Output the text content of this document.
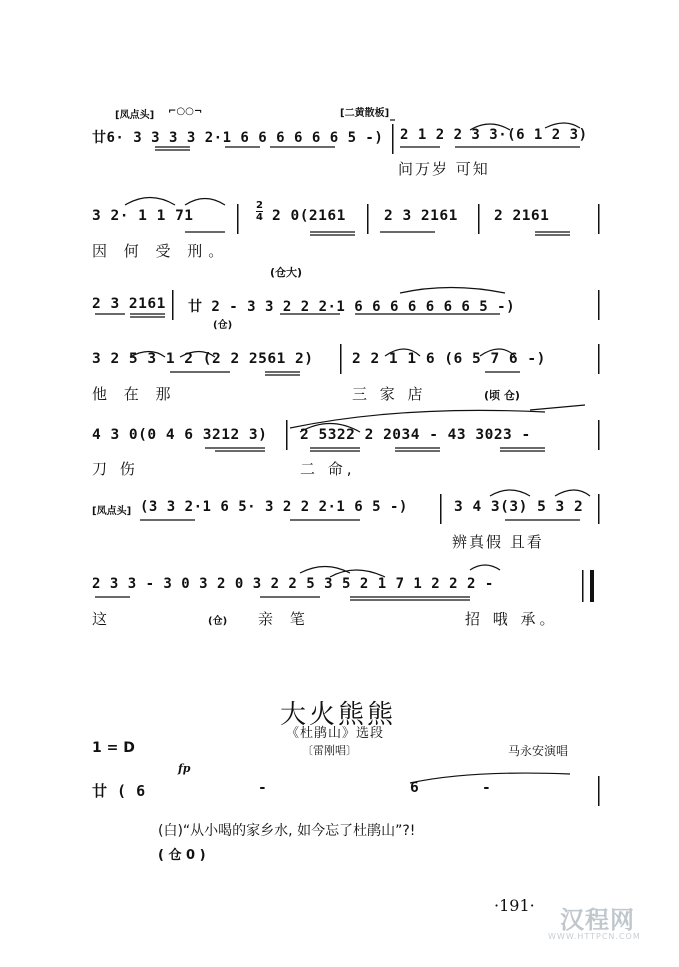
[凤点头] ⌐○○¬	[二黄散板]
廿6· 3 3 3 3 2·1 6 6 6 6 6 6 5 -) 2 1 2 2 3 3·(6 1 2 3)
问万岁 可知
3 2· 1 1 71
2
4 2 0(2161	2 3 2161 2 2161
因 何 受 刑。
(仓大)
2 3 2161 廿 2 - 3 3 2 2 2·1 6 6 6 6 6 6 6 5 -)
(仓)
3 2 5 3 1 2 (2 2 2561 2)	2 2 1 1 6 (6 5 7 6 -)
他 在 那	三 家 店	(顷 仓)
4 3 0(0 4 6 3212 3) 2 5322 2 2034 - 43 3023 -
刀 伤	二 命,
[凤点头] (3 3 2·1 6 5· 3 2 2 2·1 6 5 -)	3 4 3(3) 5 3 2
辨真假 且看
2 3 3 - 3 0 3 2 0 3 2 2 5 3 5 2 1 7 1 2 2 2 -
这	(仓) 亲 笔	招 哦 承。
大火熊熊
《杜鹃山》选段
〔雷刚唱〕
1 = D	马永安演唱
fp
廿 ( 6	-	6	-
(白)“从小喝的家乡水, 如今忘了杜鹃山”?!
( 仓 0 )
·191·
汉程网
WWW.HTTPCN.COM
